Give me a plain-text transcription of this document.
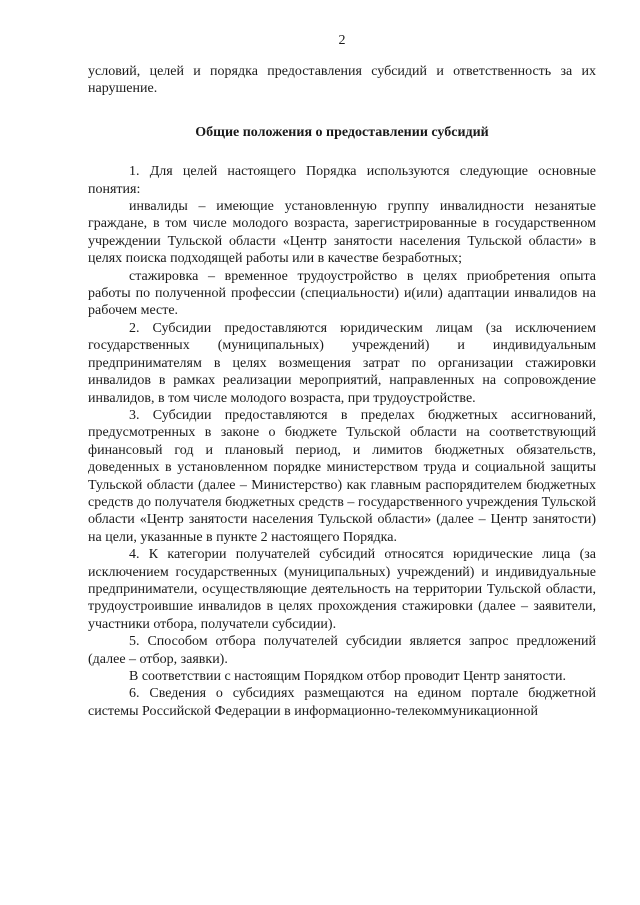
2

условий, целей и порядка предоставления субсидий и ответственность за их нарушение.

Общие положения о предоставлении субсидий

1. Для целей настоящего Порядка используются следующие основные понятия:

инвалиды – имеющие установленную группу инвалидности незанятые граждане, в том числе молодого возраста, зарегистрированные в государственном учреждении Тульской области «Центр занятости населения Тульской области» в целях поиска подходящей работы или в качестве безработных;

стажировка – временное трудоустройство в целях приобретения опыта работы по полученной профессии (специальности) и(или) адаптации инвалидов на рабочем месте.

2. Субсидии предоставляются юридическим лицам (за исключением государственных (муниципальных) учреждений) и индивидуальным предпринимателям в целях возмещения затрат по организации стажировки инвалидов в рамках реализации мероприятий, направленных на сопровождение инвалидов, в том числе молодого возраста, при трудоустройстве.

3. Субсидии предоставляются в пределах бюджетных ассигнований, предусмотренных в законе о бюджете Тульской области на соответствующий финансовый год и плановый период, и лимитов бюджетных обязательств, доведенных в установленном порядке министерством труда и социальной защиты Тульской области (далее – Министерство) как главным распорядителем бюджетных средств до получателя бюджетных средств – государственного учреждения Тульской области «Центр занятости населения Тульской области» (далее – Центр занятости) на цели, указанные в пункте 2 настоящего Порядка.

4. К категории получателей субсидий относятся юридические лица (за исключением государственных (муниципальных) учреждений) и индивидуальные предприниматели, осуществляющие деятельность на территории Тульской области, трудоустроившие инвалидов в целях прохождения стажировки (далее – заявители, участники отбора, получатели субсидии).

5. Способом отбора получателей субсидии является запрос предложений (далее – отбор, заявки).

В соответствии с настоящим Порядком отбор проводит Центр занятости.

6. Сведения о субсидиях размещаются на едином портале бюджетной системы Российской Федерации в информационно-телекоммуникационной
